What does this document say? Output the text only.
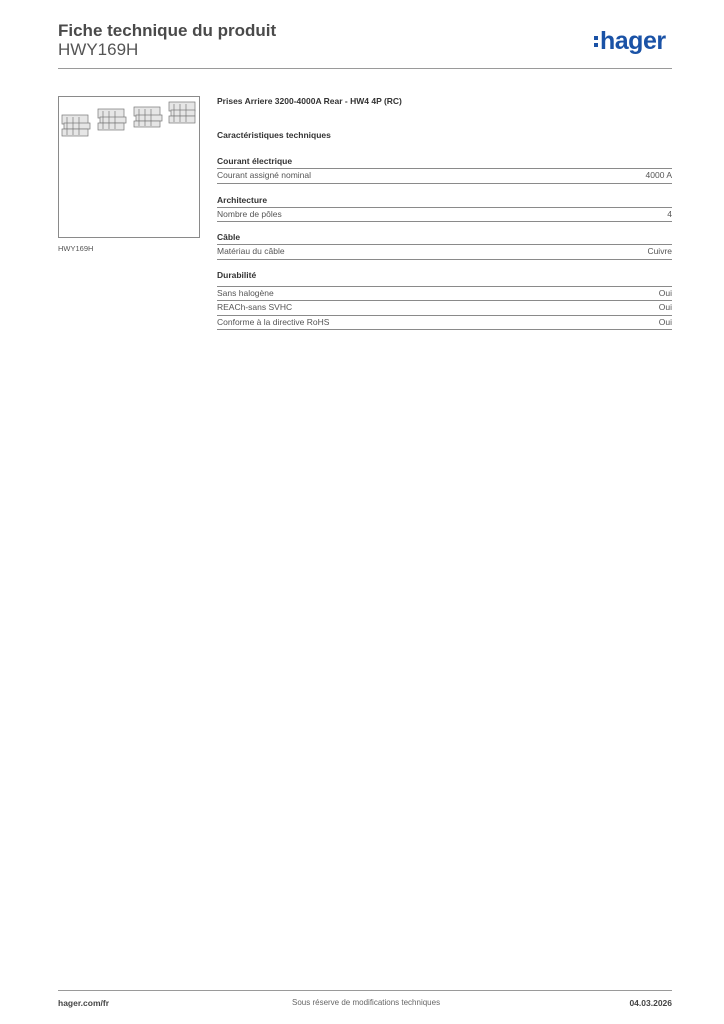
Fiche technique du produit
HWY169H	hager
HWY169H
Prises Arriere 3200-4000A Rear - HW4 4P (RC)
Caractéristiques techniques
Courant électrique
Courant assigné nominal	4000 A
Architecture
Nombre de pôles	4
Câble
Matériau du câble	Cuivre
Durabilité
Sans halogène	Oui
REACh-sans SVHC	Oui
Conforme à la directive RoHS	Oui
hager.com/fr	Sous réserve de modifications techniques	04.03.2026
